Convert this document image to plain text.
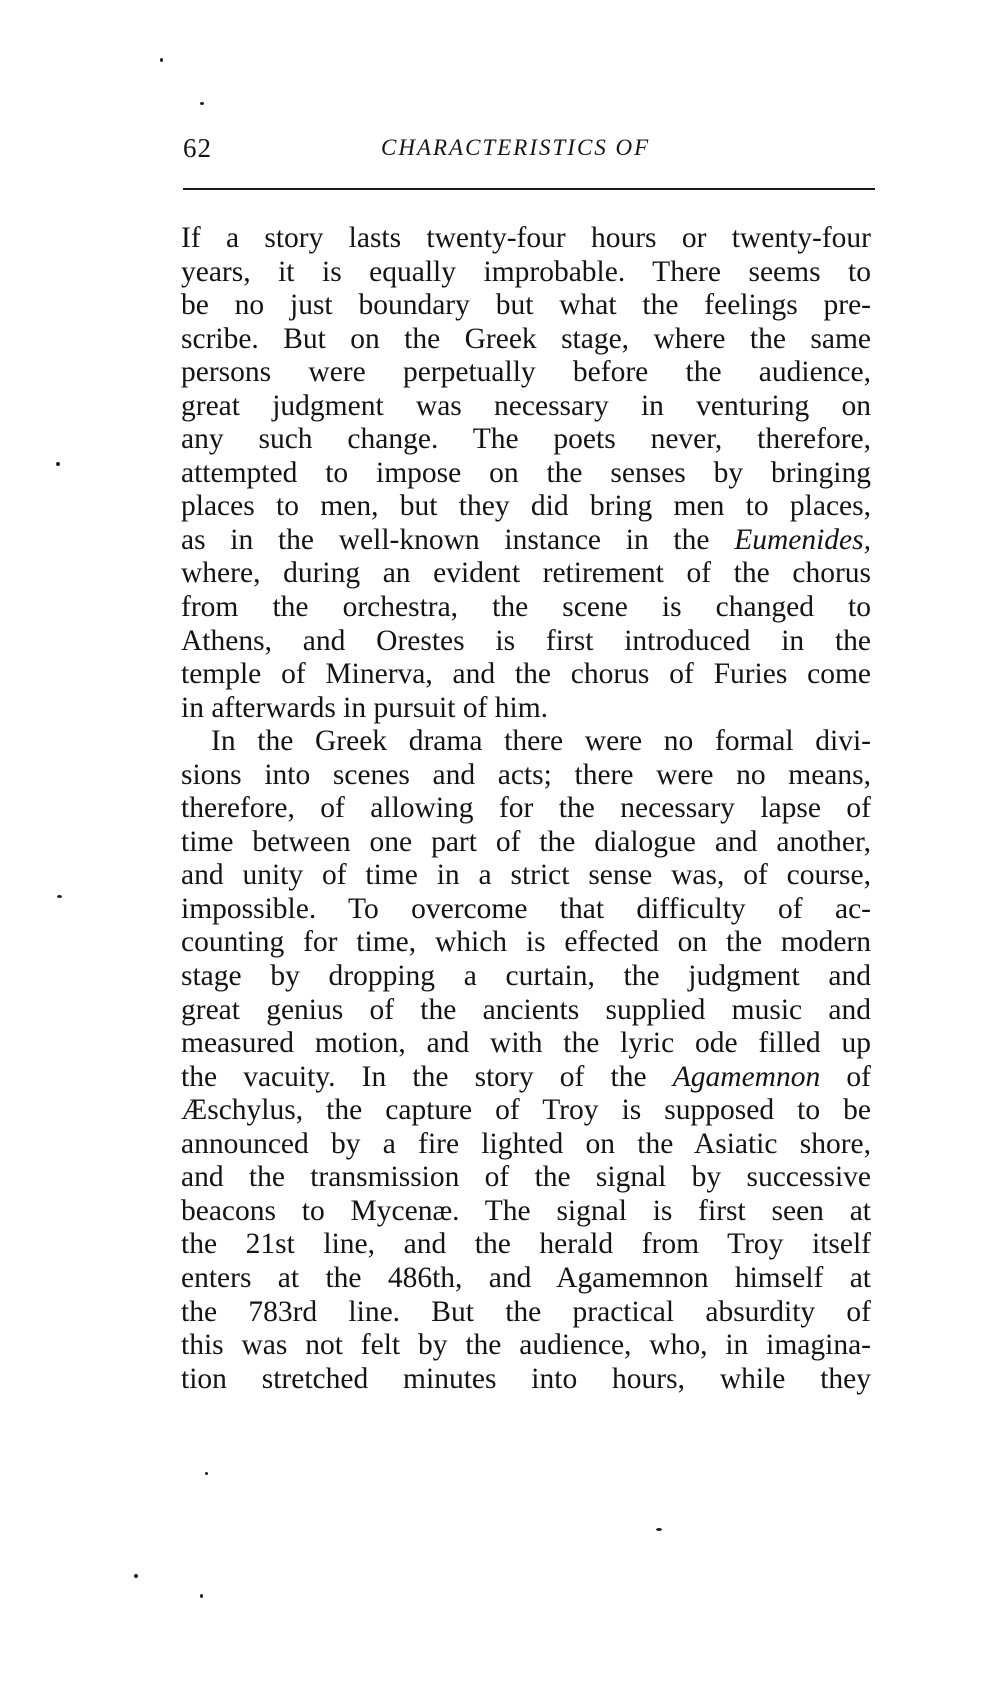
62	CHARACTERISTICS OF
If a story lasts twenty-four hours or twenty-four
years, it is equally improbable. There seems to
be no just boundary but what the feelings pre-
scribe. But on the Greek stage, where the same
persons were perpetually before the audience,
great judgment was necessary in venturing on
any such change. The poets never, therefore,
attempted to impose on the senses by bringing
places to men, but they did bring men to places,
as in the well-known instance in the Eumenides,
where, during an evident retirement of the chorus
from the orchestra, the scene is changed to
Athens, and Orestes is first introduced in the
temple of Minerva, and the chorus of Furies come
in afterwards in pursuit of him.
In the Greek drama there were no formal divi-
sions into scenes and acts; there were no means,
therefore, of allowing for the necessary lapse of
time between one part of the dialogue and another,
and unity of time in a strict sense was, of course,
impossible. To overcome that difficulty of ac-
counting for time, which is effected on the modern
stage by dropping a curtain, the judgment and
great genius of the ancients supplied music and
measured motion, and with the lyric ode filled up
the vacuity. In the story of the Agamemnon of
Æschylus, the capture of Troy is supposed to be
announced by a fire lighted on the Asiatic shore,
and the transmission of the signal by successive
beacons to Mycenæ. The signal is first seen at
the 21st line, and the herald from Troy itself
enters at the 486th, and Agamemnon himself at
the 783rd line. But the practical absurdity of
this was not felt by the audience, who, in imagina-
tion stretched minutes into hours, while they
